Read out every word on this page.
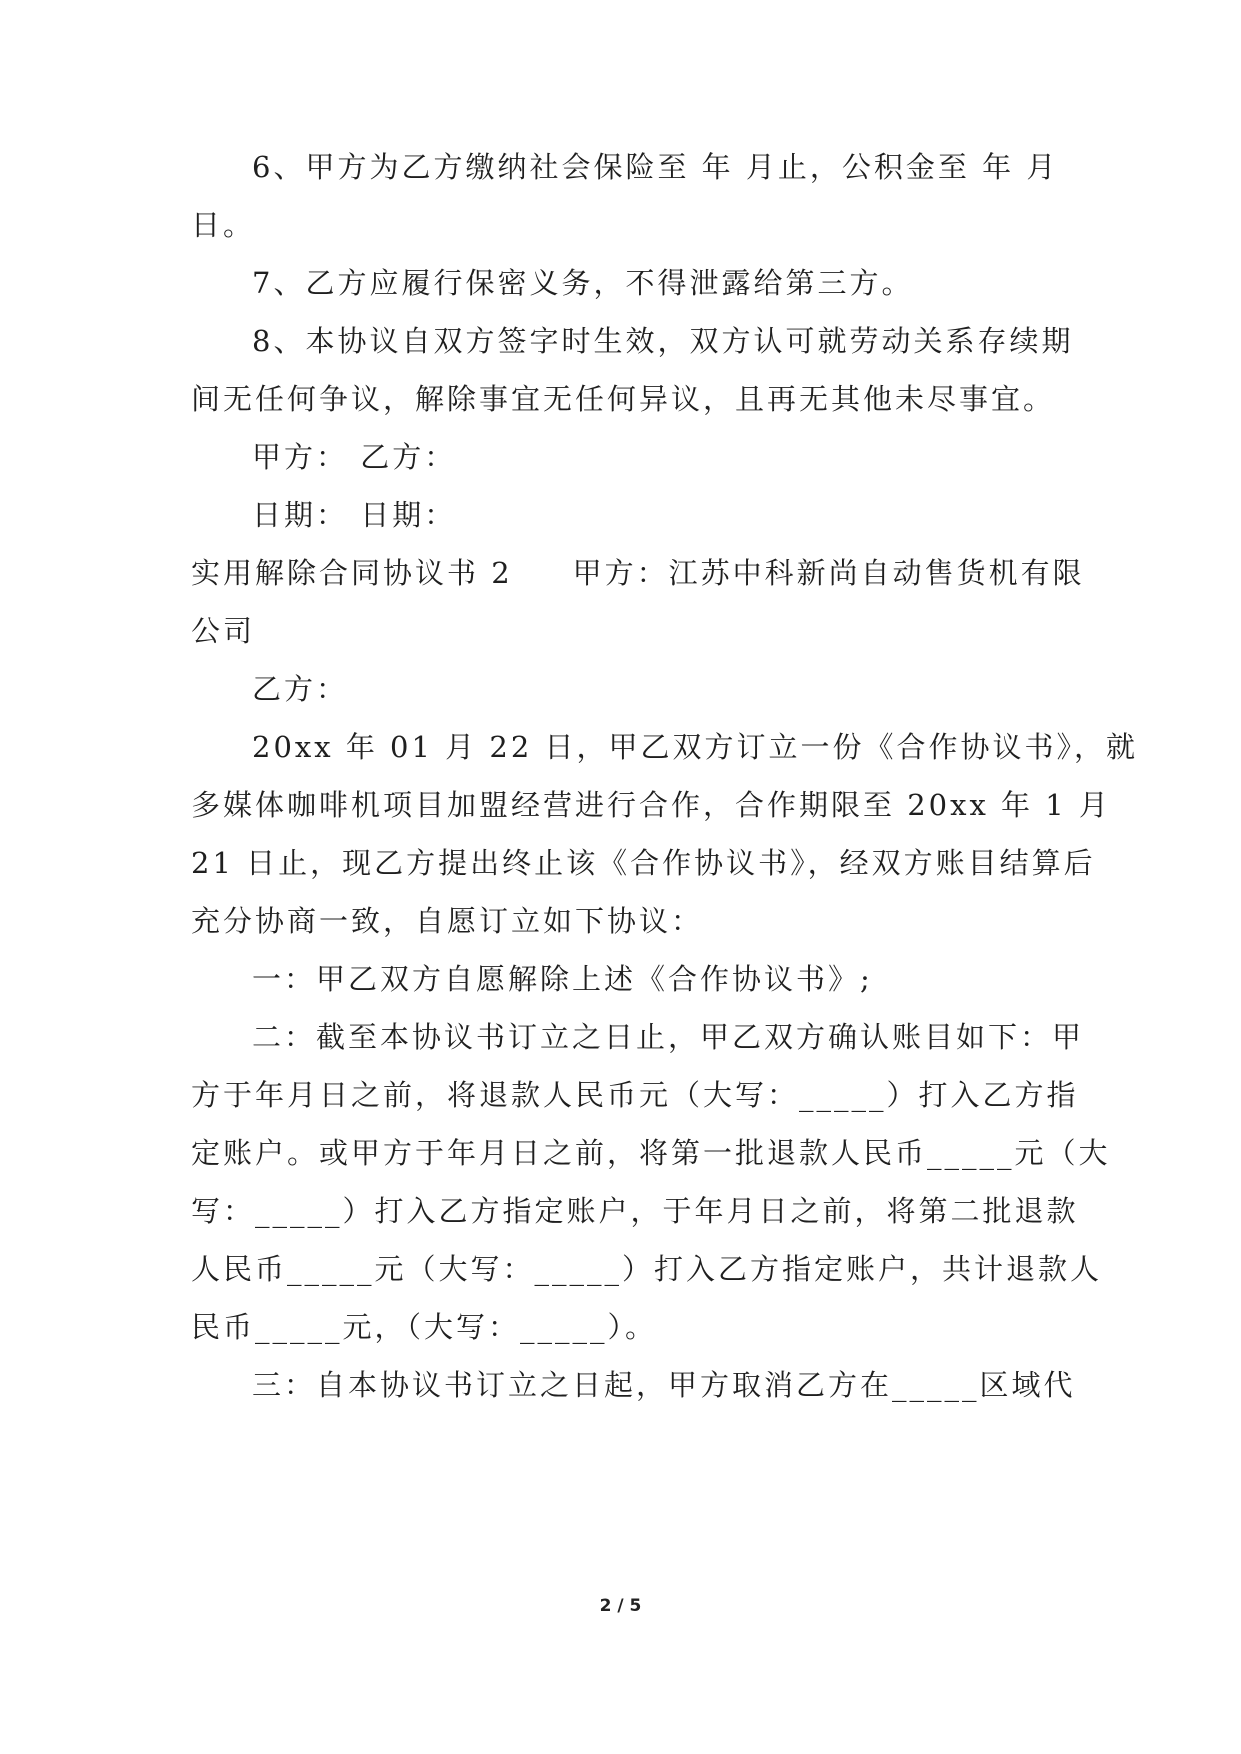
6、甲方为乙方缴纳社会保险至 年 月止，公积金至 年 月
日。
7、乙方应履行保密义务，不得泄露给第三方。
8、本协议自双方签字时生效，双方认可就劳动关系存续期
间无任何争议，解除事宜无任何异议，且再无其他未尽事宜。
甲方： 乙方：
日期： 日期：
实用解除合同协议书 2 甲方：江苏中科新尚自动售货机有限
公司
乙方：
20xx 年 01 月 22 日，甲乙双方订立一份《合作协议书》，就
多媒体咖啡机项目加盟经营进行合作，合作期限至 20xx 年 1 月
21 日止，现乙方提出终止该《合作协议书》，经双方账目结算后
充分协商一致，自愿订立如下协议：
一：甲乙双方自愿解除上述《合作协议书》;
二：截至本协议书订立之日止，甲乙双方确认账目如下：甲
方于年月日之前，将退款人民币元（大写：_____）打入乙方指
定账户。或甲方于年月日之前，将第一批退款人民币_____元（大
写：_____）打入乙方指定账户，于年月日之前，将第二批退款
人民币_____元（大写：_____）打入乙方指定账户，共计退款人
民币_____元，（大写：_____）。
三：自本协议书订立之日起，甲方取消乙方在_____区域代
2 / 5
